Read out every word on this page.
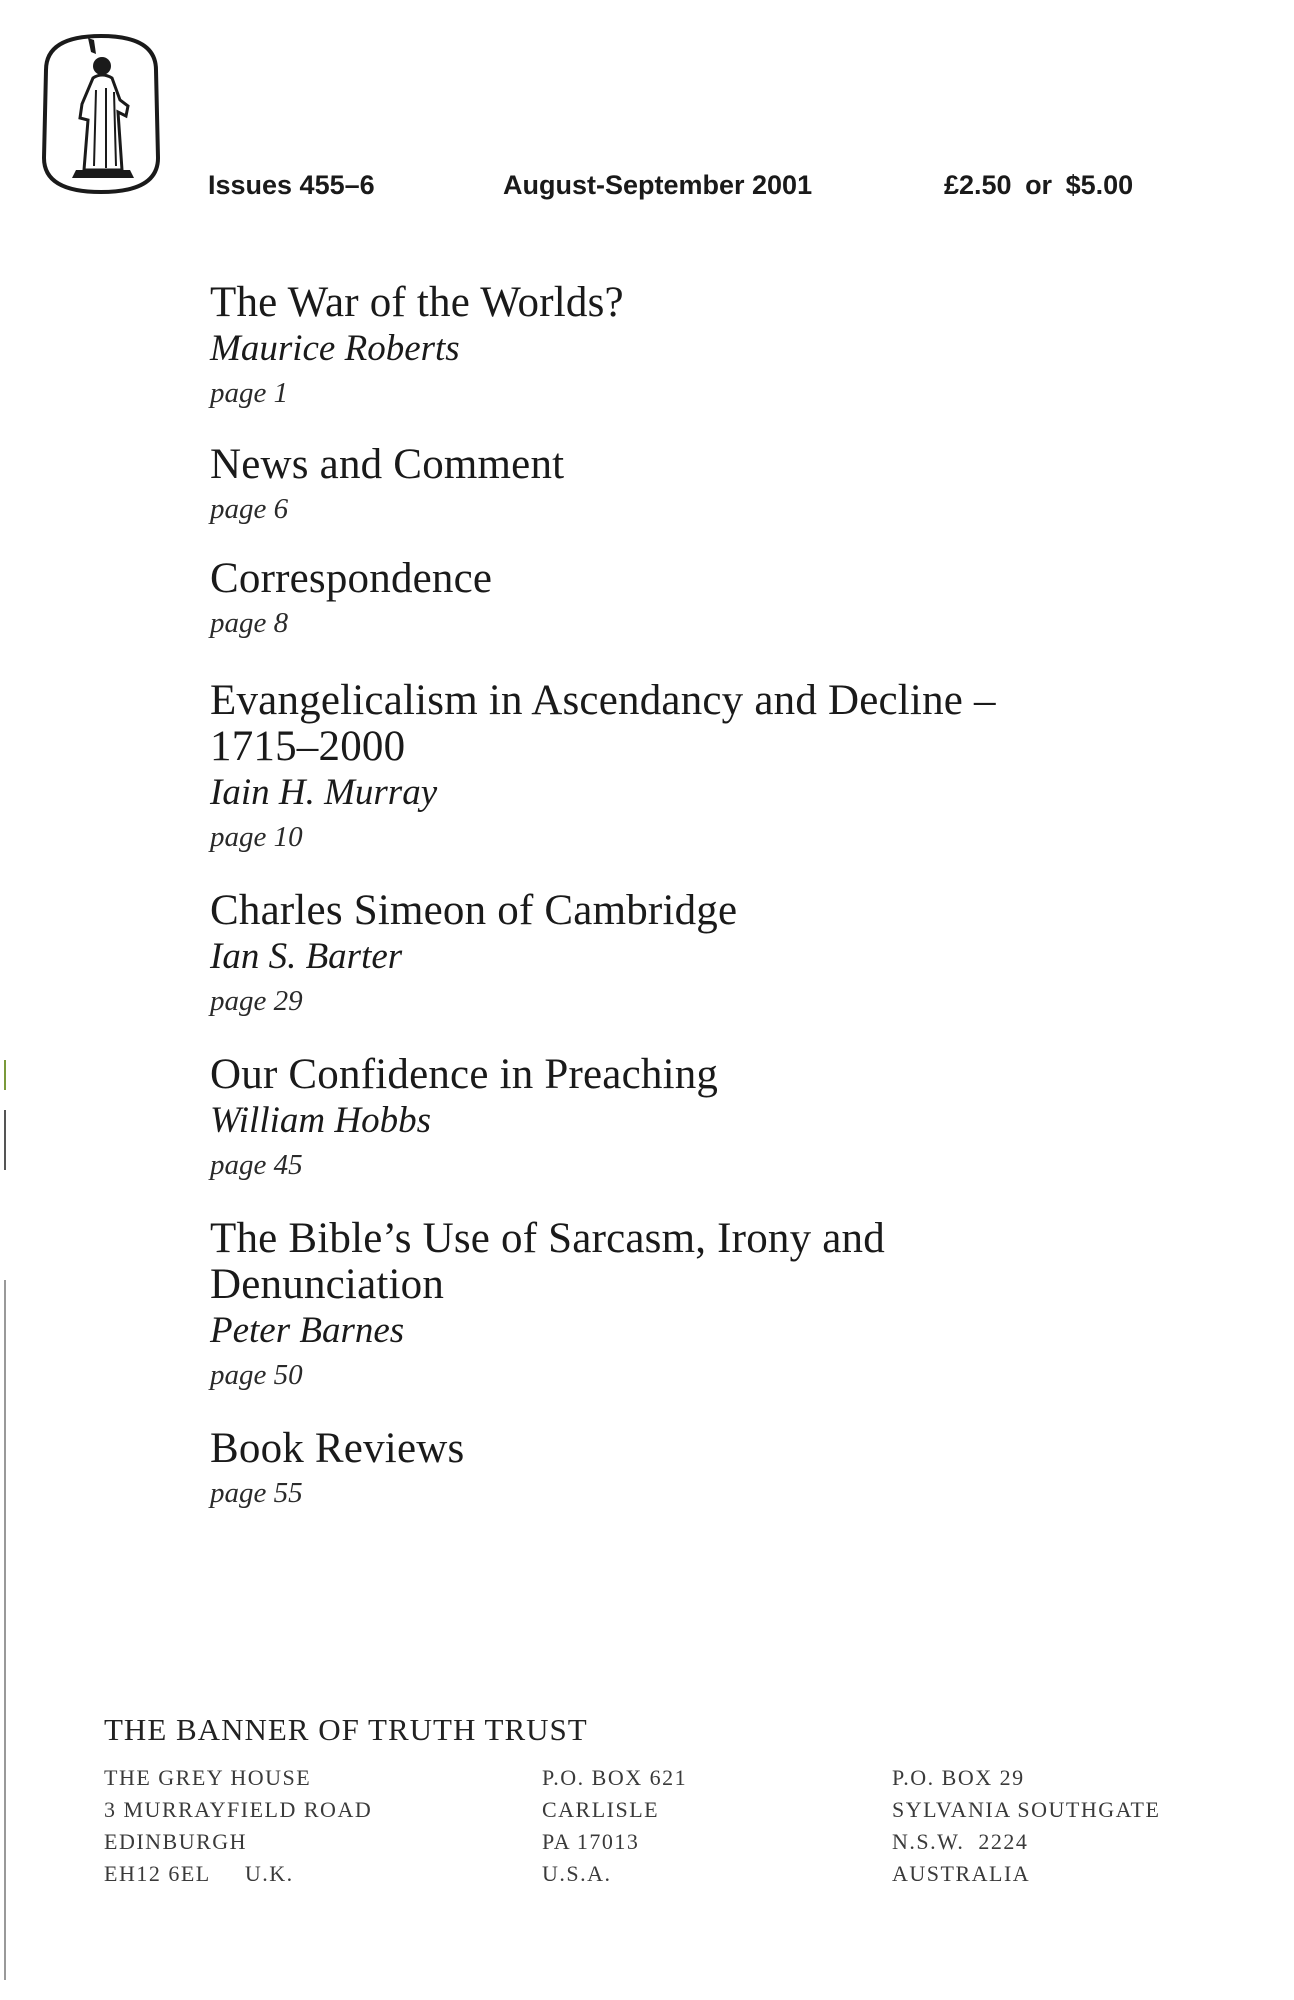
Issues 455–6	August-September 2001	£2.50 or $5.00
The War of the Worlds?
Maurice Roberts
page 1
News and Comment
page 6
Correspondence
page 8
Evangelicalism in Ascendancy and Decline –
1715–2000
Iain H. Murray
page 10
Charles Simeon of Cambridge
Ian S. Barter
page 29
Our Confidence in Preaching
William Hobbs
page 45
The Bible’s Use of Sarcasm, Irony and
Denunciation
Peter Barnes
page 50
Book Reviews
page 55
THE BANNER OF TRUTH TRUST
THE GREY HOUSE
3 MURRAYFIELD ROAD
EDINBURGH
EH12 6EL     U.K.
P.O. BOX 621
CARLISLE
PA 17013
U.S.A.
P.O. BOX 29
SYLVANIA SOUTHGATE
N.S.W.  2224
AUSTRALIA
